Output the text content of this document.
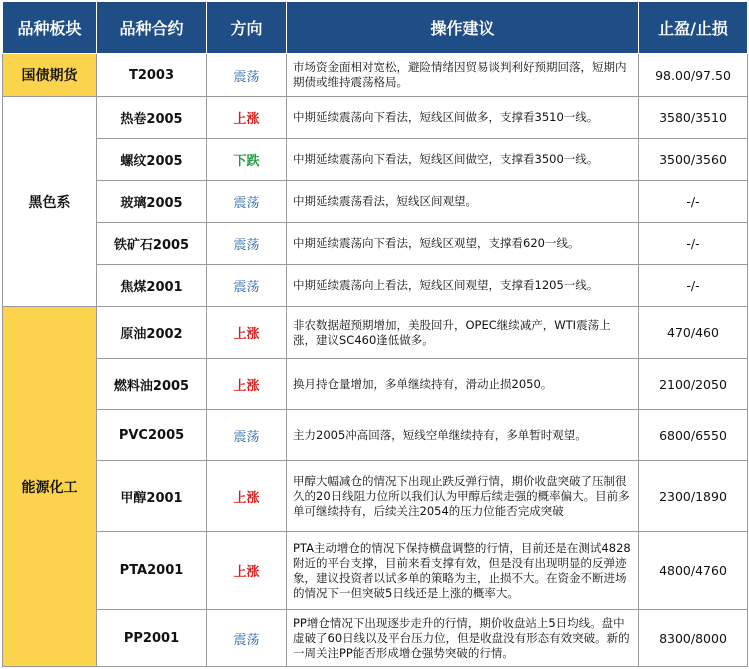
品种板块	品种合约	方向	操作建议	止盈/止损
国债期货	T2003	震荡	市场资金面相对宽松，避险情绪因贸易谈判利好预期回落，短期内期债或维持震荡格局。	98.00/97.50
黑色系	热卷2005	上涨	中期延续震荡向下看法，短线区间做多，支撑看3510一线。	3580/3510
	螺纹2005	下跌	中期延续震荡向下看法，短线区间做空，支撑看3500一线。	3500/3560
	玻璃2005	震荡	中期延续震荡看法，短线区间观望。	-/-
	铁矿石2005	震荡	中期延续震荡向下看法，短线区观望，支撑看620一线。	-/-
	焦煤2001	震荡	中期延续震荡向上看法，短线区间观望，支撑看1205一线。	-/-
能源化工	原油2002	上涨	非农数据超预期增加，美股回升，OPEC继续减产，WTI震荡上涨，建议SC460逢低做多。	470/460
	燃料油2005	上涨	换月持仓量增加，多单继续持有，滑动止损2050。	2100/2050
	PVC2005	震荡	主力2005冲高回落，短线空单继续持有，多单暂时观望。	6800/6550
	甲醇2001	上涨	甲醇大幅减仓的情况下出现止跌反弹行情，期价收盘突破了压制很久的20日线阻力位所以我们认为甲醇后续走强的概率偏大。目前多单可继续持有，后续关注2054的压力位能否完成突破	2300/1890
	PTA2001	上涨	PTA主动增仓的情况下保持横盘调整的行情，目前还是在测试4828附近的平台支撑，目前来看支撑有效，但是没有出现明显的反弹迹象，建议投资者以试多单的策略为主，止损不大。在资金不断进场的情况下一但突破5日线还是上涨的概率大。	4800/4760
	PP2001	震荡	PP增仓情况下出现逐步走升的行情，期价收盘站上5日均线。盘中虚破了60日线以及平台压力位，但是收盘没有形态有效突破。新的一周关注PP能否形成增仓强势突破的行情。	8300/8000
